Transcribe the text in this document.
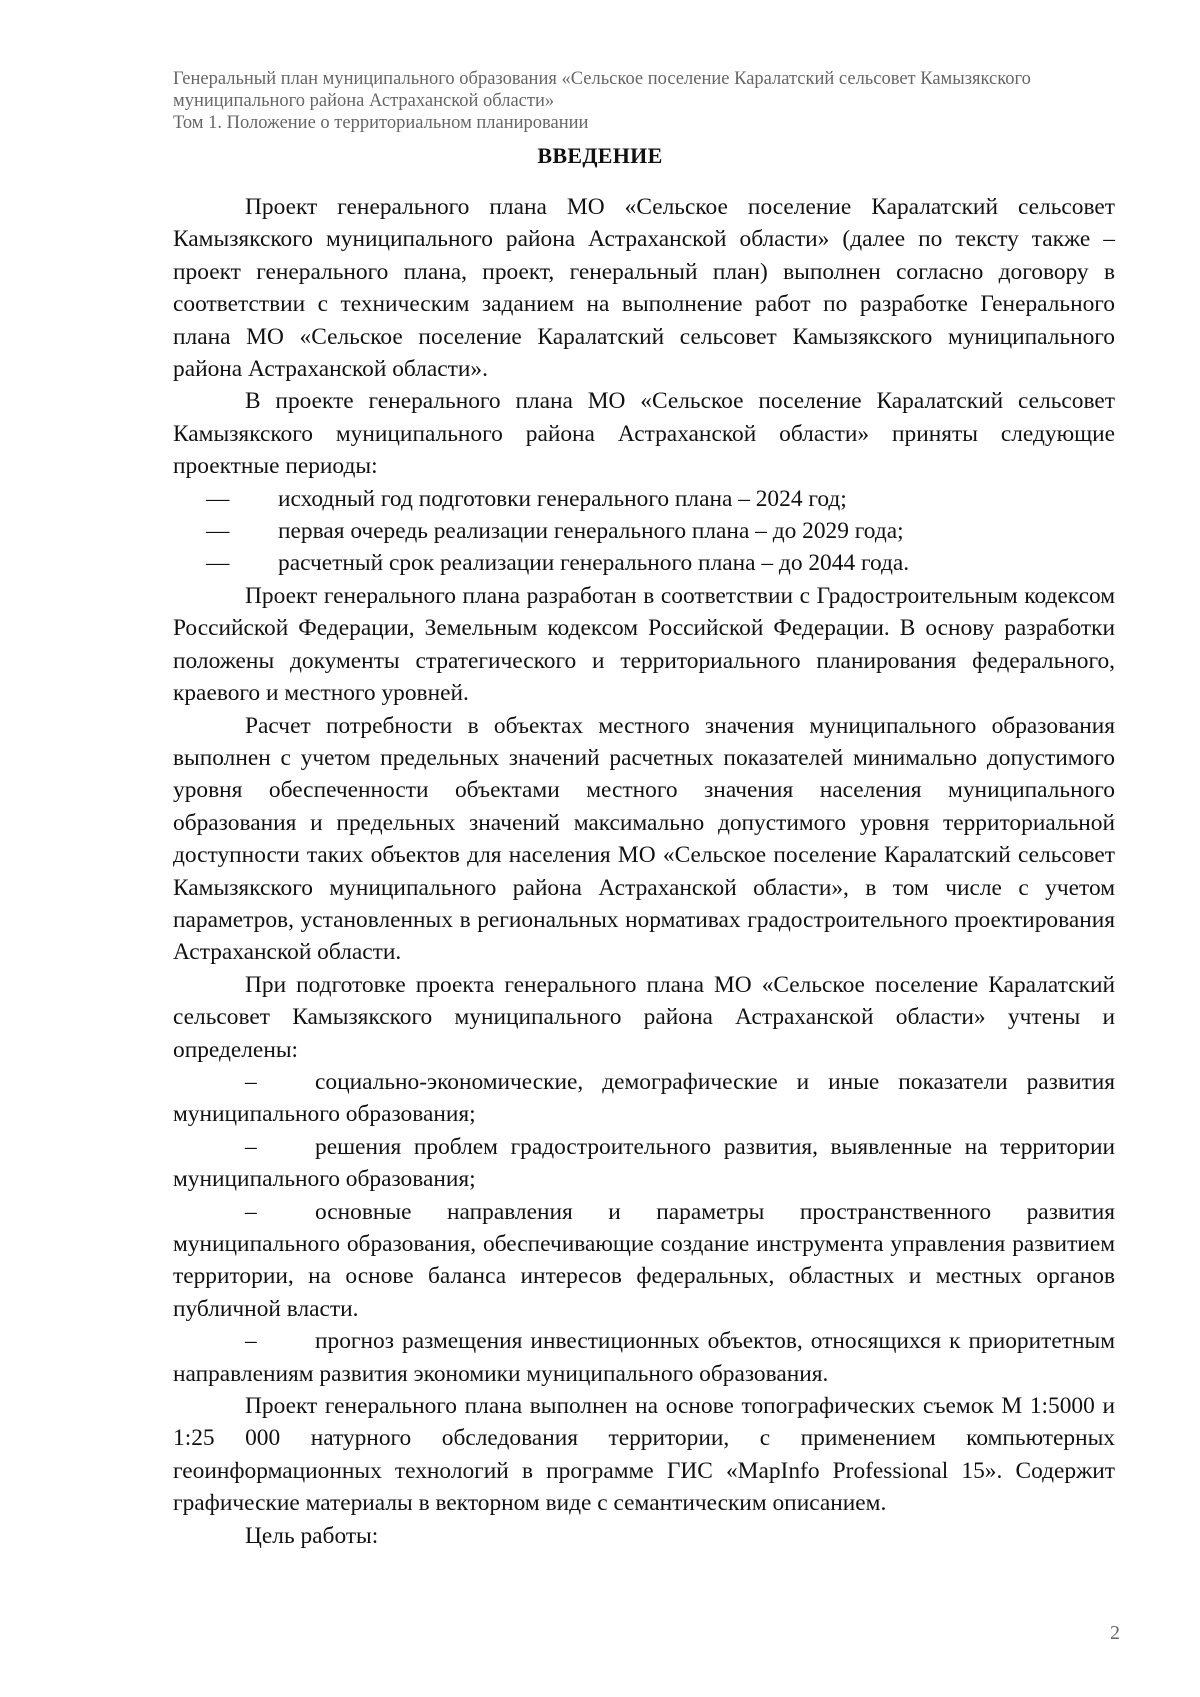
Генеральный план муниципального образования «Сельское поселение Каралатский сельсовет Камызякского
муниципального района Астраханской области»
Том 1. Положение о территориальном планировании
ВВЕДЕНИЕ

Проект генерального плана МО «Сельское поселение Каралатский сельсовет Камызякского муниципального района Астраханской области» (далее по тексту также – проект генерального плана, проект, генеральный план) выполнен согласно договору в соответствии с техническим заданием на выполнение работ по разработке Генерального плана МО «Сельское поселение Каралатский сельсовет Камызякского муниципального района Астраханской области».

В проекте генерального плана МО «Сельское поселение Каралатский сельсовет Камызякского муниципального района Астраханской области» приняты следующие проектные периоды:

—	исходный год подготовки генерального плана – 2024 год;
—	первая очередь реализации генерального плана – до 2029 года;
—	расчетный срок реализации генерального плана – до 2044 года.

Проект генерального плана разработан в соответствии с Градостроительным кодексом Российской Федерации, Земельным кодексом Российской Федерации. В основу разработки положены документы стратегического и территориального планирования федерального, краевого и местного уровней.

Расчет потребности в объектах местного значения муниципального образования выполнен с учетом предельных значений расчетных показателей минимально допустимого уровня обеспеченности объектами местного значения населения муниципального образования и предельных значений максимально допустимого уровня территориальной доступности таких объектов для населения МО «Сельское поселение Каралатский сельсовет Камызякского муниципального района Астраханской области», в том числе с учетом параметров, установленных в региональных нормативах градостроительного проектирования Астраханской области.

При подготовке проекта генерального плана МО «Сельское поселение Каралатский сельсовет Камызякского муниципального района Астраханской области» учтены и определены:

– социально-экономические, демографические и иные показатели развития муниципального образования;

– решения проблем градостроительного развития, выявленные на территории муниципального образования;

– основные направления и параметры пространственного развития муниципального образования, обеспечивающие создание инструмента управления развитием территории, на основе баланса интересов федеральных, областных и местных органов публичной власти.

– прогноз размещения инвестиционных объектов, относящихся к приоритетным направлениям развития экономики муниципального образования.

Проект генерального плана выполнен на основе топографических съемок М 1:5000 и 1:25 000 натурного обследования территории, с применением компьютерных геоинформационных технологий в программе ГИС «MapInfo Professional 15». Содержит графические материалы в векторном виде с семантическим описанием.

Цель работы:

2
